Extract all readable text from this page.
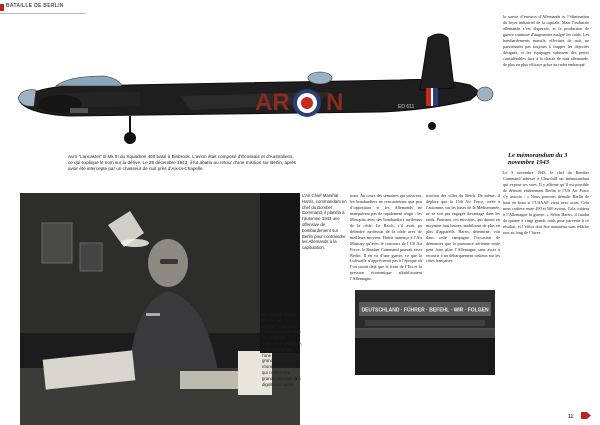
BATAILLE DE BERLIN
AR N	ED 611
Avro “Lancaster” B Mk III du Squadron 460 basé à Binbrook. L’avion était composé d’Écossais et d’Australiens, ce qui explique le nom sur la dérive. Le 29 décembre 1943, il fut abattu au retour d’une mission sur Berlin, après avoir été intercepté par un chasseur de nuit près d’Aix-la-Chapelle.
L’Air Chief Marshal Harris, commandant en chef du Bomber Command, il planifia à l’automne 1943 une offensive de bombardement sur Berlin pour contraindre les Allemands à la capitulation.
La capitale du IIIe Reich était un objectif hautement symbolique par bien des aspects, notamment politique, ici la Sportpalast, l’une des plus grandes salles de réunion de Berlin, qui connut une grande discours des dignitaires nazis.
tions. Au cours des semaines qui suivirent, les bombardiers ne rencontrèrent que peu d’opposition et les Allemands ne manquèrent pas de rapidement réagir : les Mosquito avec des bombardiers au-dessus de la cible. Le Reich, s’il avait pu défendre au-dessus de la cible avec de meilleurs moyens. Harris annonça à l’Air Ministry qu’avec le concours de l’US Air Force, le Bomber Command pouvait raser Berlin. Il en va d’une guerre, ce que la Luftwaffe n’apprécierait pas à l’époque où l’on savait déjà que le front de l’Est et la pression économique affaiblissaient l’Allemagne.
truction des villes du Reich. De même, il déplore que la 15th Air Force, créée à l’automne, sur les bases de la Méditerranée, ne se soit pas engagée davantage dans les raids. Pourtant, ces missions, qui durent en moyenne huit heures, mobilisent de plus en plus d’appareils. Harris, déterminé, voit dans cette campagne l’occasion de démontrer que la puissance aérienne seule peut faire plier l’Allemagne sans avoir à recourir à un débarquement coûteux sur les côtes françaises.
la survie d’environ d’Allemands et l’élimination du foyer industriel de la capitale. Mais l’industrie allemande s’est dispersée, et la production de guerre continue d’augmenter malgré les raids. Les bombardements massifs, effectués de nuit, ne parviennent pas toujours à frapper les objectifs désignés, et les équipages subissent des pertes considérables face à la chasse de nuit allemande, de plus en plus efficace grâce au radar embarqué.
Le mémorandum du 3 novembre 1943
Le 3 novembre 1943, le chef du Bomber Command adresse à Churchill un mémorandum qui expose ses vues. Il y affirme qu’il est possible de détruire entièrement Berlin si l’US Air Force s’y associe : « Nous pouvons démolir Berlin de bout en bout si l’USAAF vient avec nous. Cela nous coûtera entre 400 et 500 avions. Cela coûtera à l’Allemagne la guerre. » Selon Harris, il faudra de quinze à vingt grands raids pour parvenir à ce résultat, et l’effort doit être maintenu sans relâche tout au long de l’hiver.
DEUTSCHLAND · FÜHRER · BEFEHL · WIR · FOLGEN
11
